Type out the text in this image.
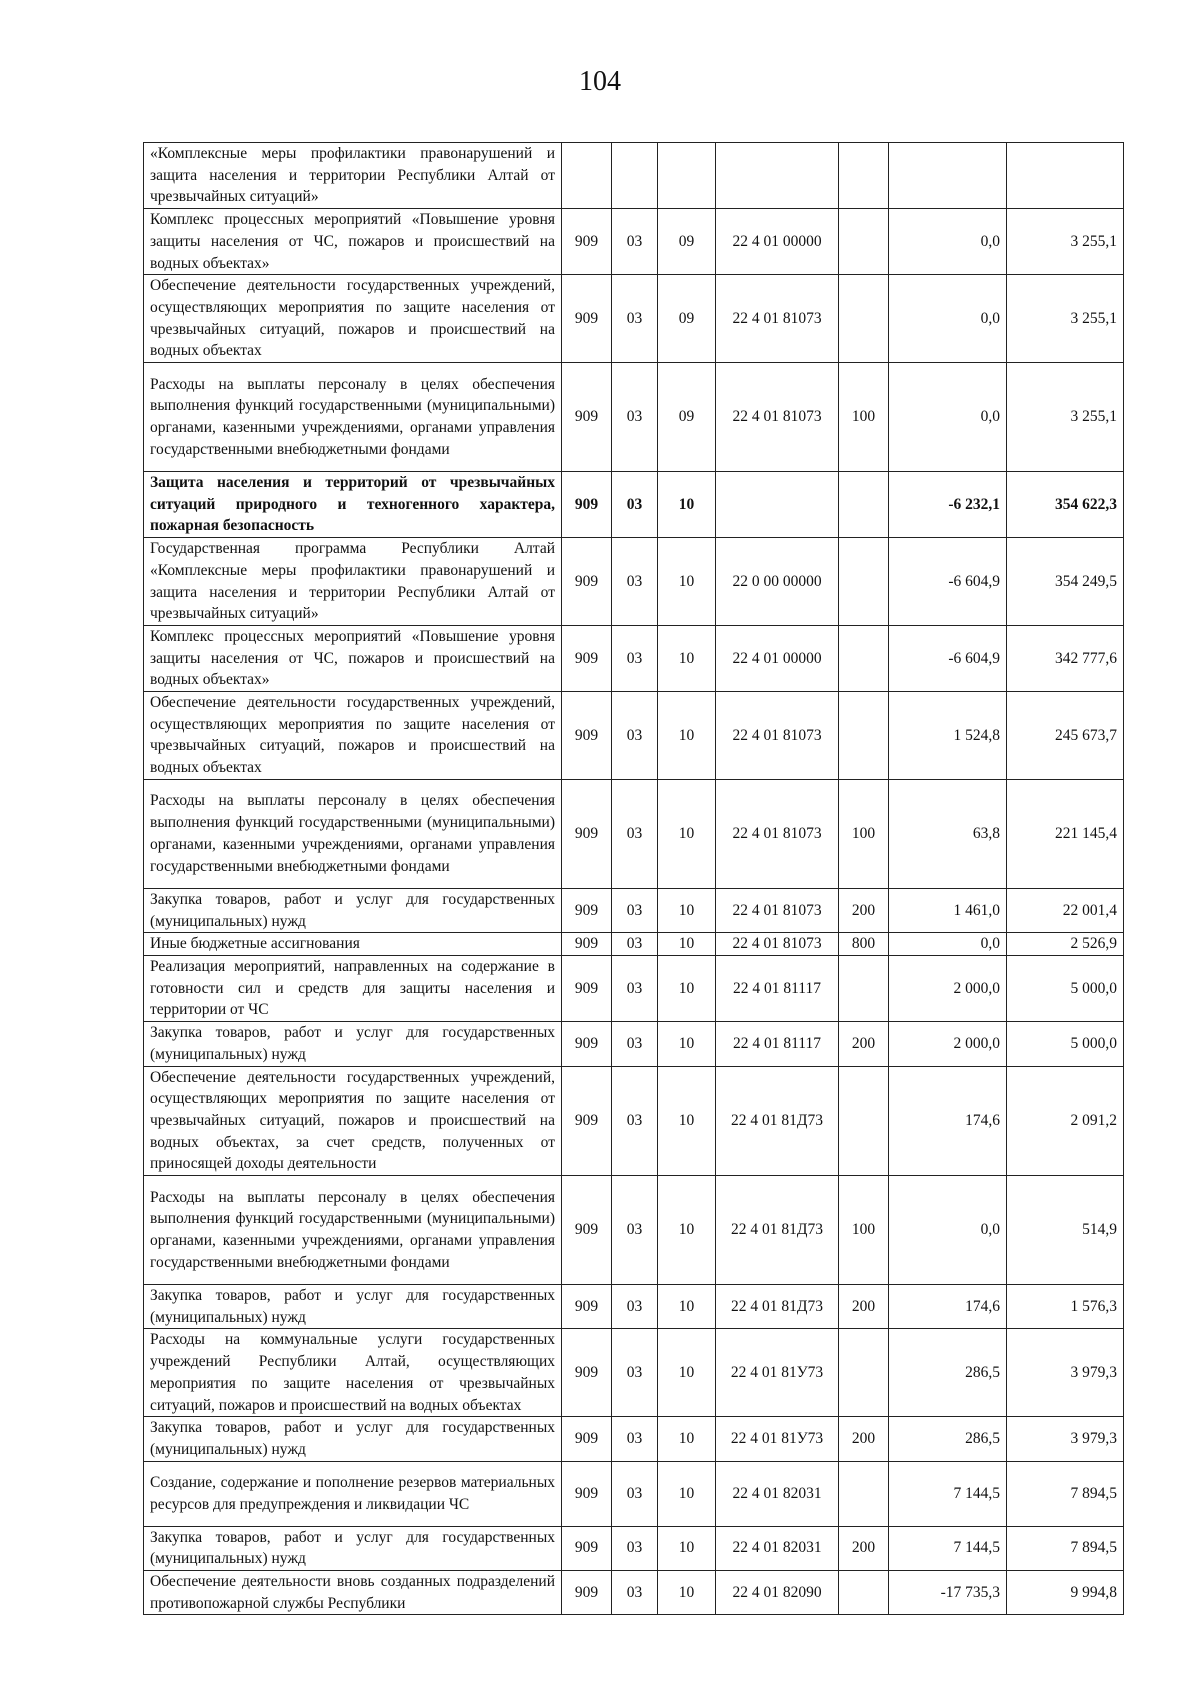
104
«Комплексные меры профилактики правонарушений и защита населения и территории Республики Алтай от чрезвычайных ситуаций»							
Комплекс процессных мероприятий «Повышение уровня защиты населения от ЧС, пожаров и происшествий на водных объектах»	909	03	09	22 4 01 00000		0,0	3 255,1
Обеспечение деятельности государственных учреждений, осуществляющих мероприятия по защите населения от чрезвычайных ситуаций, пожаров и происшествий на водных объектах	909	03	09	22 4 01 81073		0,0	3 255,1
Расходы на выплаты персоналу в целях обеспечения выполнения функций государственными (муниципальными) органами, казенными учреждениями, органами управления государственными внебюджетными фондами	909	03	09	22 4 01 81073	100	0,0	3 255,1
Защита населения и территорий от чрезвычайных ситуаций природного и техногенного характера, пожарная безопасность	909	03	10			-6 232,1	354 622,3
Государственная программа Республики Алтай «Комплексные меры профилактики правонарушений и защита населения и территории Республики Алтай от чрезвычайных ситуаций»	909	03	10	22 0 00 00000		-6 604,9	354 249,5
Комплекс процессных мероприятий «Повышение уровня защиты населения от ЧС, пожаров и происшествий на водных объектах»	909	03	10	22 4 01 00000		-6 604,9	342 777,6
Обеспечение деятельности государственных учреждений, осуществляющих мероприятия по защите населения от чрезвычайных ситуаций, пожаров и происшествий на водных объектах	909	03	10	22 4 01 81073		1 524,8	245 673,7
Расходы на выплаты персоналу в целях обеспечения выполнения функций государственными (муниципальными) органами, казенными учреждениями, органами управления государственными внебюджетными фондами	909	03	10	22 4 01 81073	100	63,8	221 145,4
Закупка товаров, работ и услуг для государственных (муниципальных) нужд	909	03	10	22 4 01 81073	200	1 461,0	22 001,4
Иные бюджетные ассигнования	909	03	10	22 4 01 81073	800	0,0	2 526,9
Реализация мероприятий, направленных на содержание в готовности сил и средств для защиты населения и территории от ЧС	909	03	10	22 4 01 81117		2 000,0	5 000,0
Закупка товаров, работ и услуг для государственных (муниципальных) нужд	909	03	10	22 4 01 81117	200	2 000,0	5 000,0
Обеспечение деятельности государственных учреждений, осуществляющих мероприятия по защите населения от чрезвычайных ситуаций, пожаров и происшествий на водных объектах, за счет средств, полученных от приносящей доходы деятельности	909	03	10	22 4 01 81Д73		174,6	2 091,2
Расходы на выплаты персоналу в целях обеспечения выполнения функций государственными (муниципальными) органами, казенными учреждениями, органами управления государственными внебюджетными фондами	909	03	10	22 4 01 81Д73	100	0,0	514,9
Закупка товаров, работ и услуг для государственных (муниципальных) нужд	909	03	10	22 4 01 81Д73	200	174,6	1 576,3
Расходы на коммунальные услуги государственных учреждений Республики Алтай, осуществляющих мероприятия по защите населения от чрезвычайных ситуаций, пожаров и происшествий на водных объектах	909	03	10	22 4 01 81У73		286,5	3 979,3
Закупка товаров, работ и услуг для государственных (муниципальных) нужд	909	03	10	22 4 01 81У73	200	286,5	3 979,3
Создание, содержание и пополнение резервов материальных ресурсов для предупреждения и ликвидации ЧС	909	03	10	22 4 01 82031		7 144,5	7 894,5
Закупка товаров, работ и услуг для государственных (муниципальных) нужд	909	03	10	22 4 01 82031	200	7 144,5	7 894,5
Обеспечение деятельности вновь созданных подразделений противопожарной службы Республики	909	03	10	22 4 01 82090		-17 735,3	9 994,8
